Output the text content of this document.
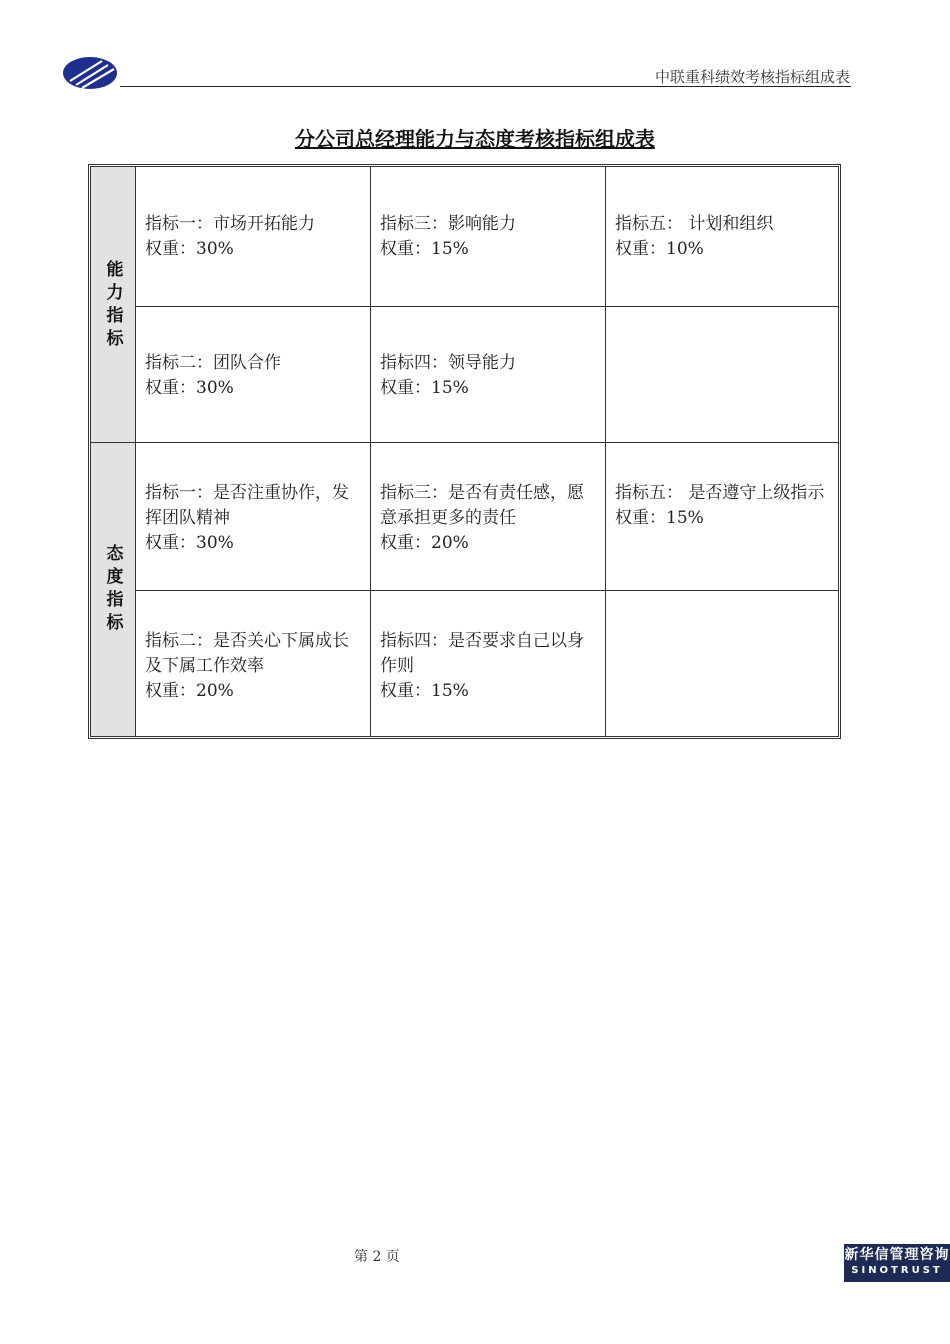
中联重科绩效考核指标组成表
分公司总经理能力与态度考核指标组成表
能力指标
态度指标
指标一：市场开拓能力
权重：30%
指标三：影响能力
权重：15%
指标五： 计划和组织
权重：10%
指标二：团队合作
权重：30%
指标四：领导能力
权重：15%
指标一：是否注重协作，发挥团队精神
权重：30%
指标三：是否有责任感，愿意承担更多的责任
权重：20%
指标五： 是否遵守上级指示
权重：15%
指标二：是否关心下属成长及下属工作效率
权重：20%
指标四：是否要求自己以身作则
权重：15%
第 2 页	新华信管理咨询
SINOTRUST
